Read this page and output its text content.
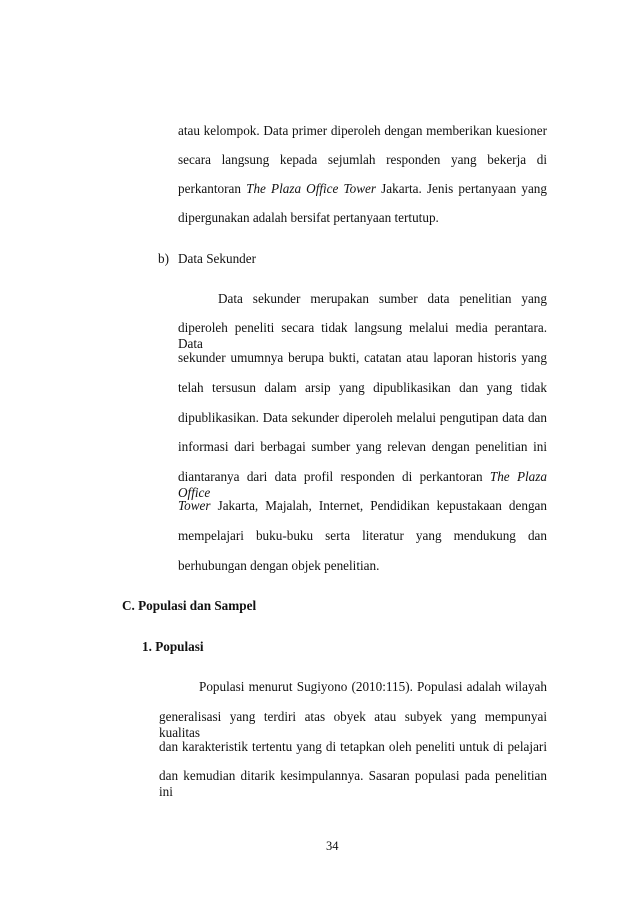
atau kelompok. Data primer diperoleh dengan memberikan kuesioner
secara langsung kepada sejumlah responden yang bekerja di
perkantoran The Plaza Office Tower Jakarta. Jenis pertanyaan yang
dipergunakan adalah bersifat pertanyaan tertutup.
b) Data Sekunder
Data sekunder merupakan sumber data penelitian yang
diperoleh peneliti secara tidak langsung melalui media perantara. Data
sekunder umumnya berupa bukti, catatan atau laporan historis yang
telah tersusun dalam arsip yang dipublikasikan dan yang tidak
dipublikasikan. Data sekunder diperoleh melalui pengutipan data dan
informasi dari berbagai sumber yang relevan dengan penelitian ini
diantaranya dari data profil responden di perkantoran The Plaza Office
Tower Jakarta, Majalah, Internet, Pendidikan kepustakaan dengan
mempelajari buku-buku serta literatur yang mendukung dan
berhubungan dengan objek penelitian.
C. Populasi dan Sampel
1. Populasi
Populasi menurut Sugiyono (2010:115). Populasi adalah wilayah
generalisasi yang terdiri atas obyek atau subyek yang mempunyai kualitas
dan karakteristik tertentu yang di tetapkan oleh peneliti untuk di pelajari
dan kemudian ditarik kesimpulannya. Sasaran populasi pada penelitian ini
34
